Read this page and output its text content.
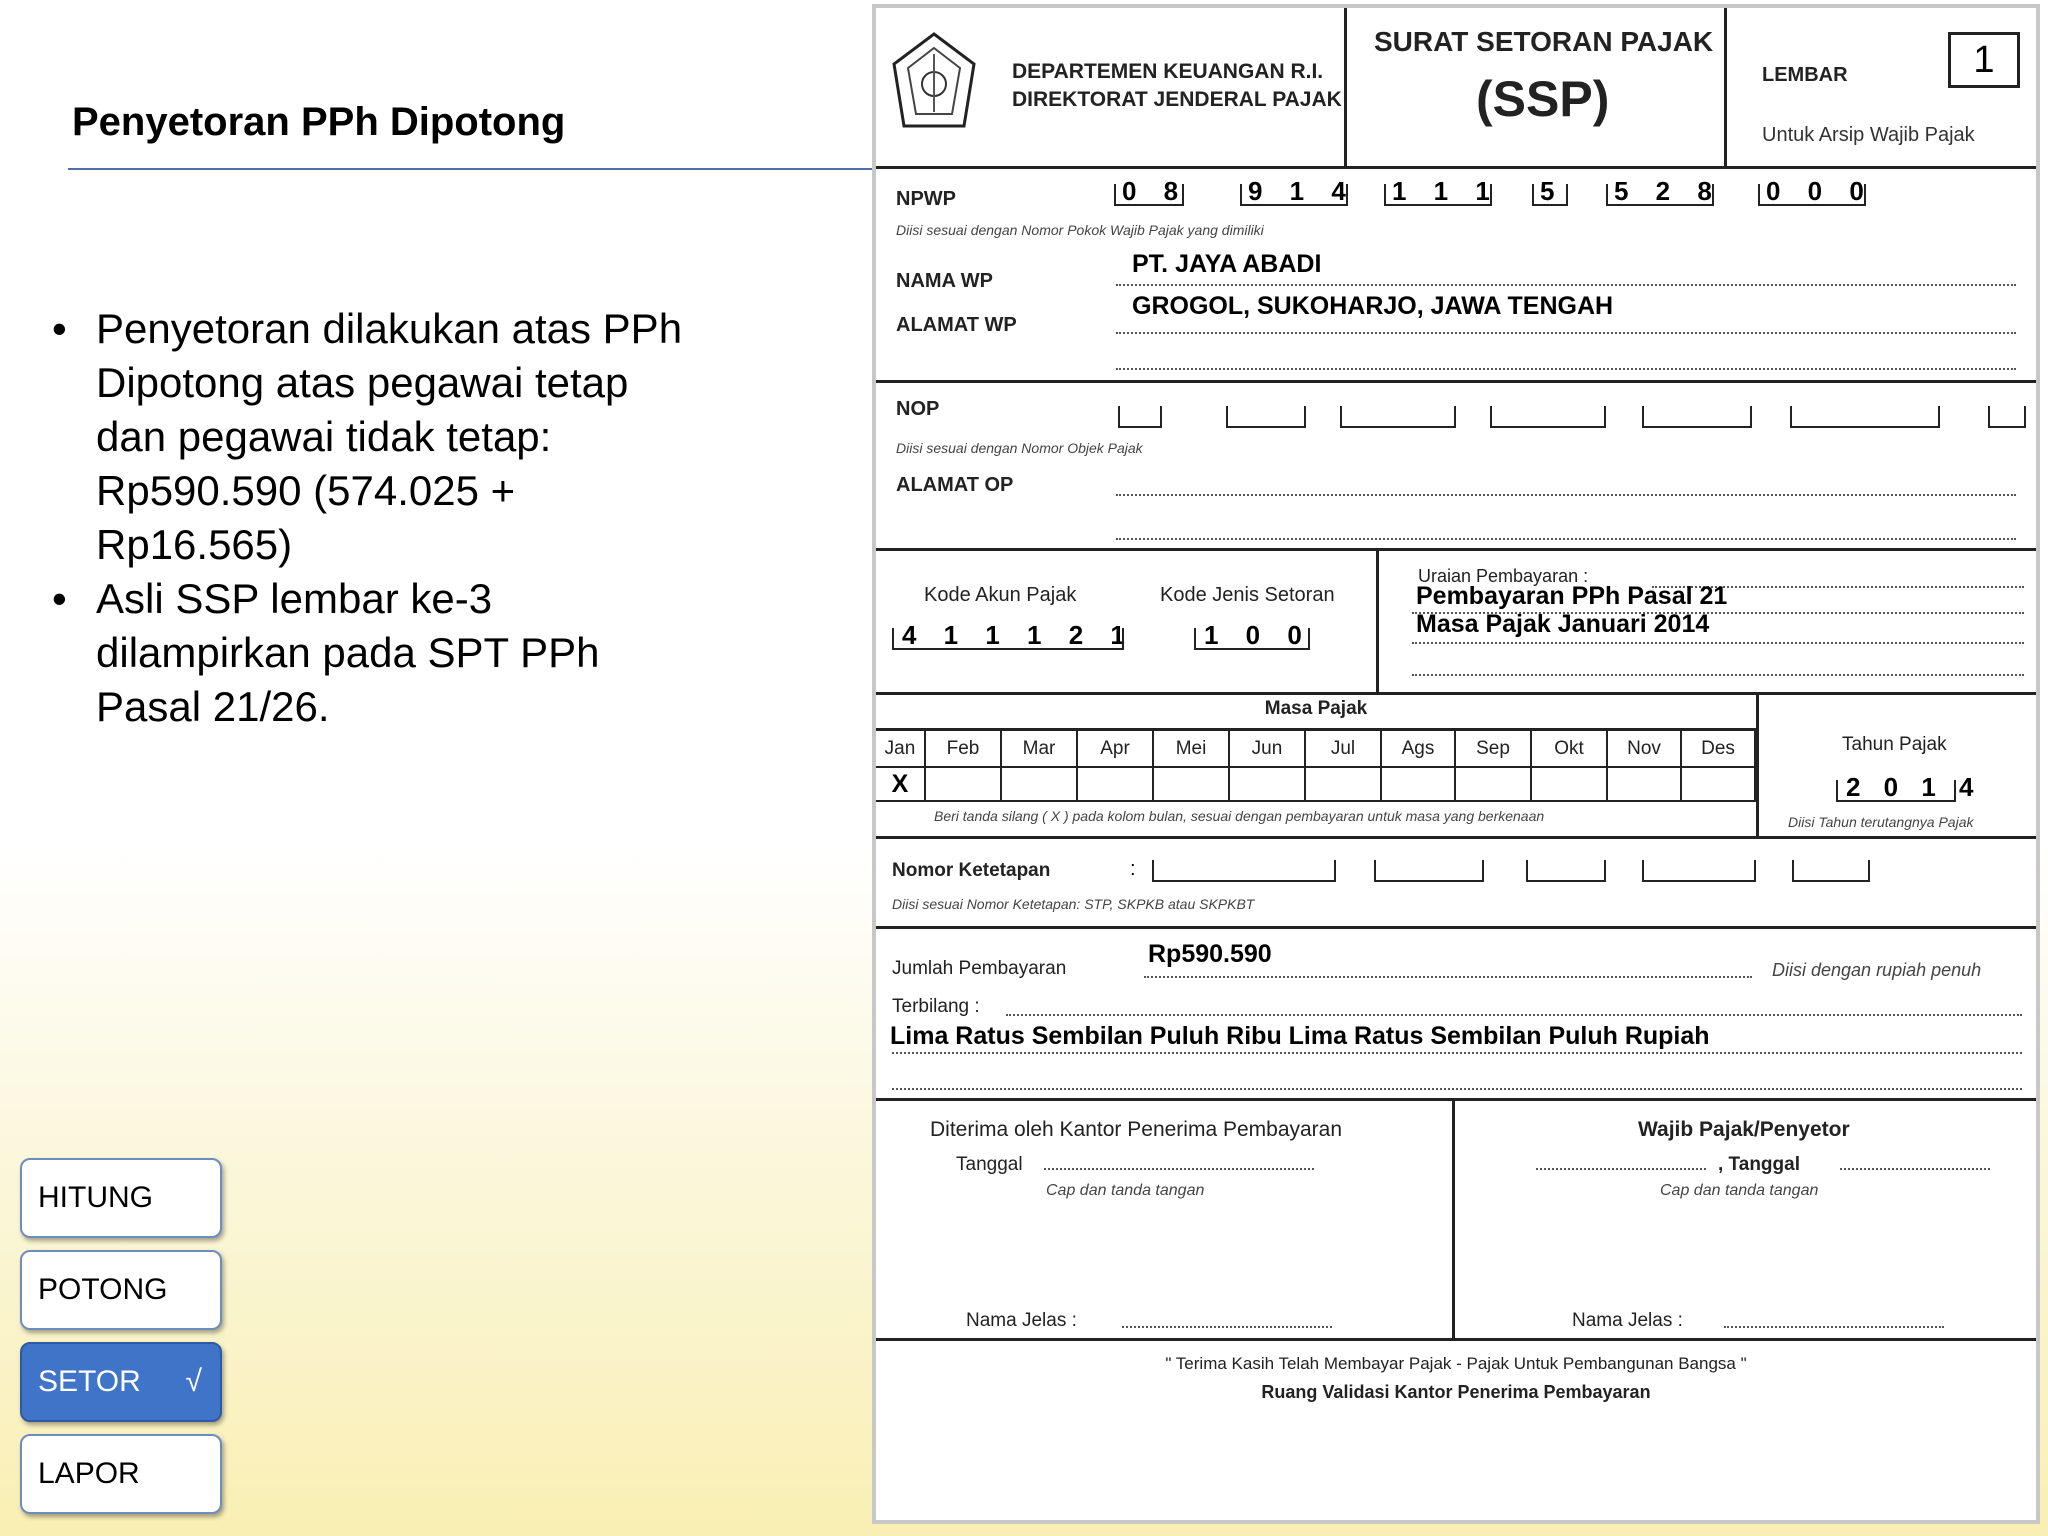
Penyetoran PPh Dipotong
• Penyetoran dilakukan atas PPh Dipotong atas pegawai tetap dan pegawai tidak tetap: Rp590.590 (574.025 + Rp16.565)
• Asli SSP lembar ke-3 dilampirkan pada SPT PPh Pasal 21/26.
HITUNG
POTONG
SETOR √
LAPOR
DEPARTEMEN KEUANGAN R.I.
DIREKTORAT JENDERAL PAJAK
SURAT SETORAN PAJAK
(SSP)	LEMBAR	1
Untuk Arsip Wajib Pajak
NPWP	0 8 9 1 4 1 1 1 5 5 2 8 0 0 0
Diisi sesuai dengan Nomor Pokok Wajib Pajak yang dimiliki
NAMA WP
PT. JAYA ABADI
ALAMAT WP
GROGOL, SUKOHARJO, JAWA TENGAH
NOP
Diisi sesuai dengan Nomor Objek Pajak
ALAMAT OP
Kode Akun Pajak
4 1 1 1 2 1
Kode Jenis Setoran
1 0 0
Uraian Pembayaran :
Pembayaran PPh Pasal 21
Masa Pajak Januari 2014
Masa Pajak
Jan	Feb	Mar	Apr	Mei	Jun	Jul	Ags	Sep	Okt	Nov	Des
X
Beri tanda silang ( X ) pada kolom bulan, sesuai dengan pembayaran untuk masa yang berkenaan
Tahun Pajak
2 0 1 4
Diisi Tahun terutangnya Pajak
Nomor Ketetapan	:
Diisi sesuai Nomor Ketetapan: STP, SKPKB atau SKPKBT
Jumlah Pembayaran
Rp590.590
Diisi dengan rupiah penuh
Terbilang :
Lima Ratus Sembilan Puluh Ribu Lima Ratus Sembilan Puluh Rupiah
Diterima oleh Kantor Penerima Pembayaran
Tanggal
Cap dan tanda tangan
Nama Jelas :
Wajib Pajak/Penyetor
, Tanggal
Cap dan tanda tangan
Nama Jelas :
" Terima Kasih Telah Membayar Pajak - Pajak Untuk Pembangunan Bangsa "
Ruang Validasi Kantor Penerima Pembayaran
